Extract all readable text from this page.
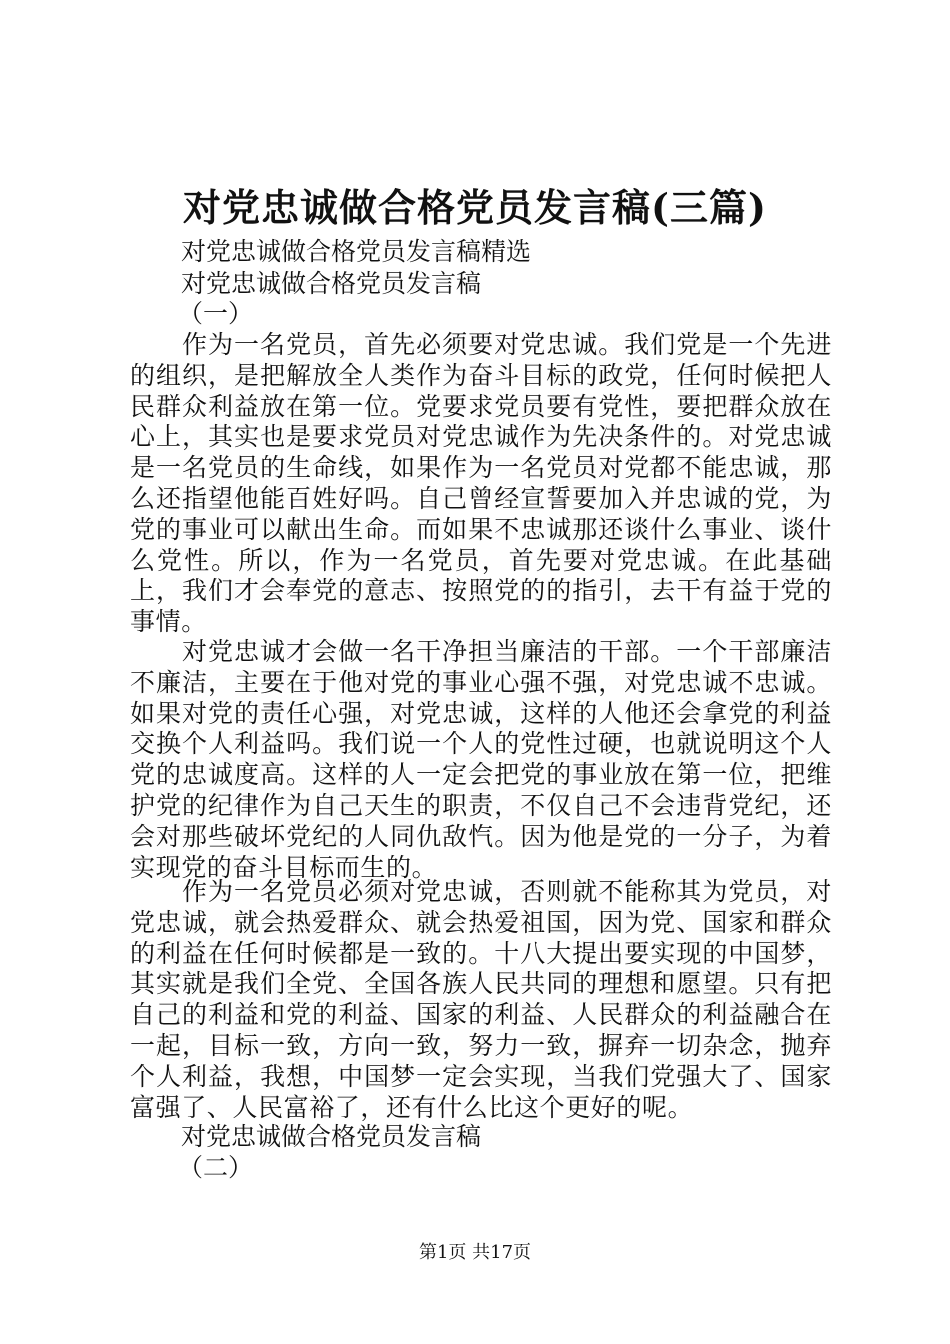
对党忠诚做合格党员发言稿(三篇)

对党忠诚做合格党员发言稿精选

对党忠诚做合格党员发言稿

（一）

作为一名党员，首先必须要对党忠诚。我们党是一个先进的组织，是把解放全人类作为奋斗目标的政党，任何时候把人民群众利益放在第一位。党要求党员要有党性，要把群众放在心上，其实也是要求党员对党忠诚作为先决条件的。对党忠诚是一名党员的生命线，如果作为一名党员对党都不能忠诚，那么还指望他能百姓好吗。自己曾经宣誓要加入并忠诚的党，为党的事业可以献出生命。而如果不忠诚那还谈什么事业、谈什么党性。所以，作为一名党员，首先要对党忠诚。在此基础上，我们才会奉党的意志、按照党的的指引，去干有益于党的事情。

对党忠诚才会做一名干净担当廉洁的干部。一个干部廉洁不廉洁，主要在于他对党的事业心强不强，对党忠诚不忠诚。如果对党的责任心强，对党忠诚，这样的人他还会拿党的利益交换个人利益吗。我们说一个人的党性过硬，也就说明这个人党的忠诚度高。这样的人一定会把党的事业放在第一位，把维护党的纪律作为自己天生的职责，不仅自己不会违背党纪，还会对那些破坏党纪的人同仇敌忾。因为他是党的一分子，为着实现党的奋斗目标而生的。

作为一名党员必须对党忠诚，否则就不能称其为党员，对党忠诚，就会热爱群众、就会热爱祖国，因为党、国家和群众的利益在任何时候都是一致的。十八大提出要实现的中国梦，其实就是我们全党、全国各族人民共同的理想和愿望。只有把自己的利益和党的利益、国家的利益、人民群众的利益融合在一起，目标一致，方向一致，努力一致，摒弃一切杂念，抛弃个人利益，我想，中国梦一定会实现，当我们党强大了、国家富强了、人民富裕了，还有什么比这个更好的呢。

对党忠诚做合格党员发言稿

（二）

第1页 共17页
